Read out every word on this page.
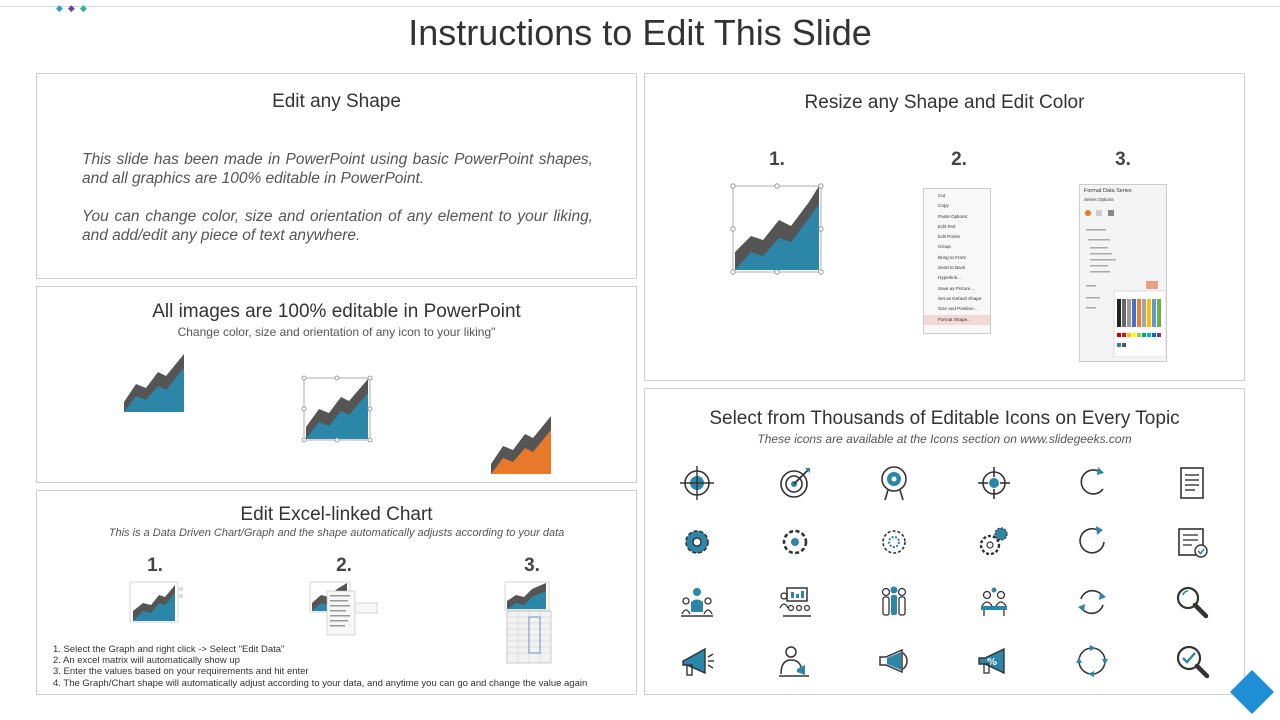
◆◆◆
Instructions to Edit This Slide
Edit any Shape
This slide has been made in PowerPoint using basic PowerPoint shapes, and all graphics are 100% editable in PowerPoint.
You can change color, size and orientation of any element to your liking, and add/edit any piece of text anywhere.
All images are 100% editable in PowerPoint
Change color, size and orientation of any icon to your liking"
Edit Excel-linked Chart
This is a Data Driven Chart/Graph and the shape automatically adjusts according to your data
1.	2.	3.
1. Select the Graph and right click -> Select "Edit Data"
2. An excel matrix will automatically show up
3. Enter the values based on your requirements and hit enter
4. The Graph/Chart shape will automatically adjust according to your data, and anytime you can go and change the value again
Resize any Shape and Edit Color
1.	2.	3.
Cut
Copy
Paste Options:
Edit Text
Edit Points
Group
Bring to Front
Send to Back
Hyperlink...
Save as Picture...
Set as Default Shape
Size and Position...
Format Shape...
Format Data Series
Series Options
Select from Thousands of Editable Icons on Every Topic
These icons are available at the Icons section on www.slidegeeks.com
%
